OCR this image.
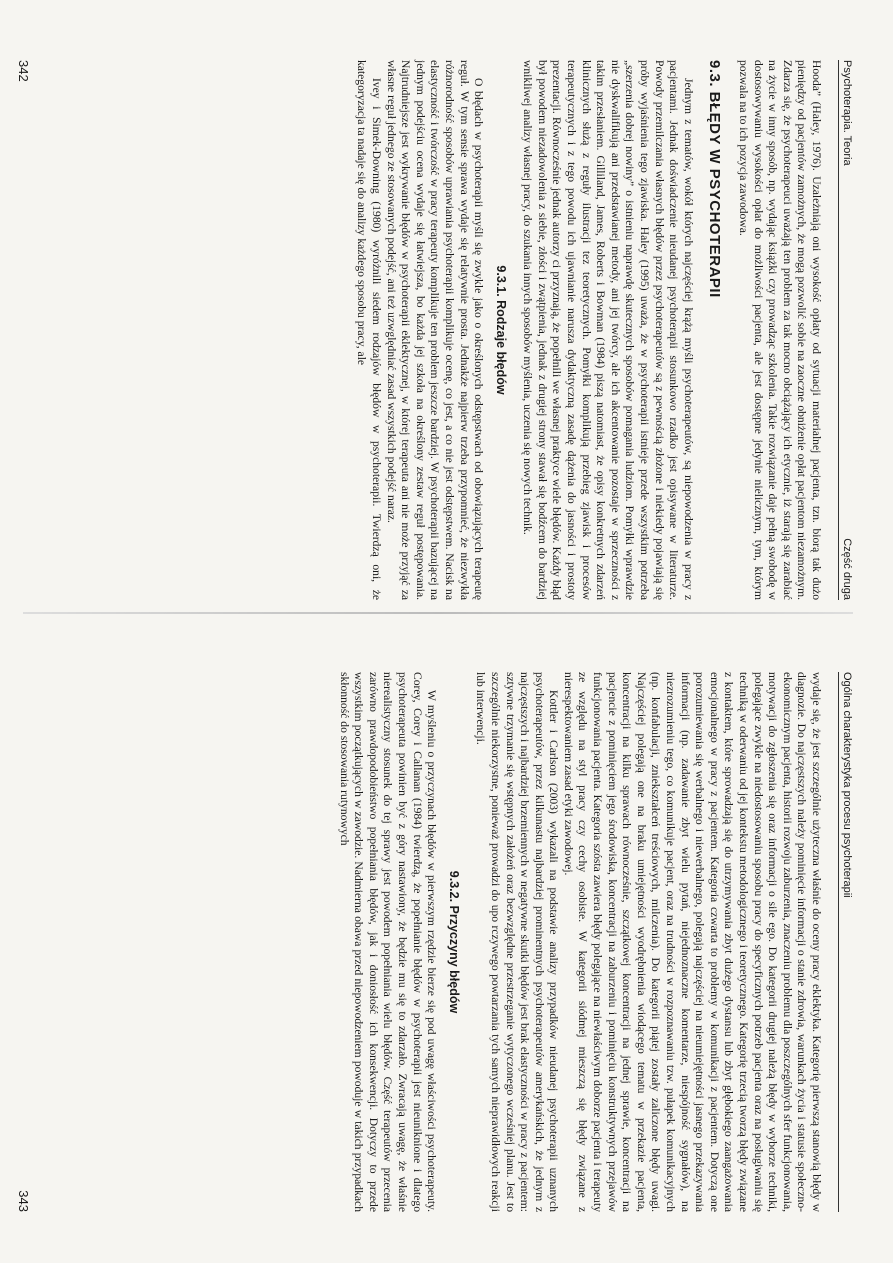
Psychoterapia. Teoria
Część druga

Hooda” (Haley, 1976). Uzależniają oni wysokość opłaty od sytuacji materialnej pacjenta, tzn. biorą tak dużo pieniędzy od pacjentów zamożnych, że mogą pozwolić sobie na zaoczne obniżenie opłat pacjentom niezamożnym. Zdarza się, że psychoterapeuci uważają ten problem za tak mocno obciążający ich etycznie, iż starają się zarabiać na życie w inny sposób, np. wydając książki czy prowadząc szkolenia. Takie rozwiązanie daje pełną swobodę w dostosowywaniu wysokości opłat do możliwości pacjenta, ale jest dostępne jedynie nielicznym, tym, którym pozwala na to ich pozycja zawodowa.

9.3. BŁĘDY W PSYCHOTERAPII

Jednym z tematów, wokół których najczęściej krążą myśli psychoterapeutów, są niepowodzenia w pracy z pacjentami. Jednak doświadczenie nieudanej psychoterapii stosunkowo rzadko jest opisywane w literaturze. Powody przemilczania własnych błędów przez psychoterapeutów są z pewnością złożone i niekiedy pojawiają się próby wyjaśnienia tego zjawiska. Haley (1995) uważa, że w psychoterapii istnieje przede wszystkim potrzeba „szerzenia dobrej nowiny” o istnieniu naprawdę skutecznych sposobów pomagania ludziom. Pomyłki wprawdzie nie dyskwalifikują ani przedstawianej metody, ani jej twórcy, ale ich akcentowanie pozostaje w sprzeczności z takim przesłaniem. Gilliland, James, Roberts i Bowman (1984) piszą natomiast, że opisy konkretnych zdarzeń klinicznych służą z reguły ilustracji tez teoretycznych. Pomyłki komplikują przebieg zjawisk i procesów terapeutycznych i z tego powodu ich ujawnianie narusza dydaktyczną zasadę dążenia do jasności i prostoty prezentacji. Równocześnie jednak autorzy ci przyznają, że popełnili we własnej praktyce wiele błędów. Każdy błąd był powodem niezadowolenia z siebie, złości i zwątpienia, jednak z drugiej strony stawał się bodźcem do bardziej wnikliwej analizy własnej pracy, do szukania innych sposobów myślenia, uczenia się nowych technik.

9.3.1. Rodzaje błędów

O błędach w psychoterapii myśli się zwykle jako o określonych odstępstwach od obowiązujących terapeutę reguł. W tym sensie sprawa wydaje się relatywnie prosta. Jednakże najpierw trzeba przypomnieć, że niezwykła różnorodność sposobów uprawiania psychoterapii komplikuje ocenę, co jest, a co nie jest odstępstwem. Nacisk na elastyczność i twórczość w pracy terapeuty komplikuje ten problem jeszcze bardziej. W psychoterapii bazującej na jednym podejściu ocena wydaje się łatwiejsza, bo każda jej szkoła na określony zestaw reguł postępowania. Najtrudniejsze jest wykrywanie błędów w psychoterapii eklektycznej, w której terapeuta ani nie może przyjąć za własne reguł jednego ze stosowanych podejść, ani też uzwględniać zasad wszystkich podejść naraz.

Ivey i Simek-Downing (1980) wyróżnili siedem rodzajów błędów w psychoterapii. Twierdzą oni, że kategoryzacja ta nadaje się do analizy każdego sposobu pracy, ale

342
Ogólna charakterystyka procesu psychoterapii

wydaje się, że jest szczególnie użyteczna właśnie do oceny pracy eklektyka. Kategorię pierwszą stanowią błędy w diagnozie. Do najczęstszych należy pominięcie informacji o stanie zdrowia, warunkach życia i statusie społeczno-ekonomicznym pacjenta, historii rozwoju zaburzenia, znaczeniu problemu dla poszczególnych sfer funkcjonowania, motywacji do zgłoszenia się oraz informacji o sile ego. Do kategorii drugiej należą błędy w wyborze techniki, polegające zwykle na niedostosowaniu sposobu pracy do specyficznych potrzeb pacjenta oraz na posługiwaniu się techniką w oderwaniu od jej kontekstu metodologicznego i teoretycznego. Kategorię trzecią tworzą błędy związane z kontaktem, które sprowadzają się do utrzymywania zbyt dużego dystansu lub zbyt głębokiego zaangażowania emocjonalnego w pracy z pacjentem. Kategoria czwarta to problemy w komunikacji z pacjentem. Dotyczą one porozumiewania się werbalnego i niewerbalnego, polegają najczęściej na nieumiejętności jasnego przekazywania informacji (np. zadawanie zbyt wielu pytań, niejednoznaczne komentarze, niespójność sygnałów), na niezrozumieniu tego, co komunikuje pacjent, oraz na trudności w rozpoznawaniu tzw. pułapek komunikacyjnych (np. konfabulacji, zniekształceń treściowych, milczenia). Do kategorii piątej zostały zaliczone błędy uwagi. Najczęściej polegają one na braku umiejętności wyodrębnienia wiodącego tematu w przekazie pacjenta, koncentracji na kilku sprawach równocześnie, szczątkowej koncentracji na jednej sprawie, koncentracji na pacjencie z pominięciem jego środowiska, koncentracji na zaburzeniu i pominięciu konstruktywnych przejawów funkcjonowania pacjenta. Kategoria szósta zawiera błędy polegające na niewłaściwym doborze pacjenta i terapeuty ze względu na styl pracy czy cechy osobiste. W kategorii siódmej mieszczą się błędy związane z nierespektowaniem zasad etyki zawodowej.

Kottler i Carlson (2003) wykazali na podstawie analizy przypadków nieudanej psychoterapii uznanych psychoterapeutów, przez kilkunastu najbardziej prominentnych psychoterapeutów amerykańskich, że jednym z najczęstszych i najbardziej brzemiennych w negatywne skutki błędów jest brak elastyczności w pracy z pacjentem: sztywne trzymanie się wstępnych założeń oraz bezwzględne przestrzeganie wytyczonego wcześniej planu. Jest to szczególnie niekorzystne, ponieważ prowadzi do upo rczywego powtarzania tych samych nieprawidłowych reakcji lub interwencji.

9.3.2. Przyczyny błędów

W myśleniu o przyczynach błędów w pierwszym rzędzie bierze się pod uwagę właściwości psychoterapeuty. Corey, Corey i Callanan (1984) twierdzą, że popełnianie błędów w psychoterapii jest nieuniknione i dlatego psychoterapeuta powinien być z góry nastawiony, że będzie mu się to zdarzało. Zwracają uwagę, że właśnie nierealistyczny stosunek do tej sprawy jest powodem popełniania wielu błędów. Część terapeutów przecenia zarówno prawdopodobieństwo popełniania błędów, jak i doniosłość ich konsekwencji. Dotyczy to przede wszystkim początkujących w zawodzie. Nadmierna obawa przed niepowodzeniem powoduje w takich przypadkach skłonność do stosowania rutynowych

343
